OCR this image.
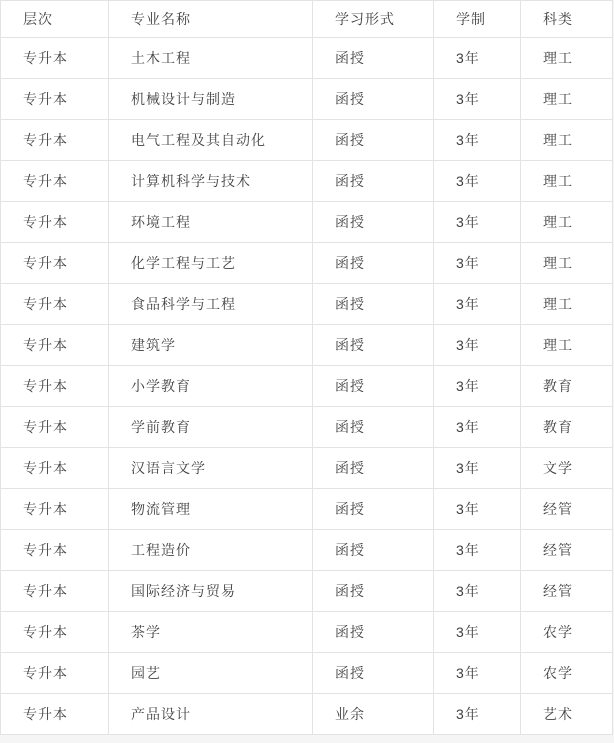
层次	专业名称	学习形式	学制	科类
专升本	土木工程	函授	3年	理工
专升本	机械设计与制造	函授	3年	理工
专升本	电气工程及其自动化	函授	3年	理工
专升本	计算机科学与技术	函授	3年	理工
专升本	环境工程	函授	3年	理工
专升本	化学工程与工艺	函授	3年	理工
专升本	食品科学与工程	函授	3年	理工
专升本	建筑学	函授	3年	理工
专升本	小学教育	函授	3年	教育
专升本	学前教育	函授	3年	教育
专升本	汉语言文学	函授	3年	文学
专升本	物流管理	函授	3年	经管
专升本	工程造价	函授	3年	经管
专升本	国际经济与贸易	函授	3年	经管
专升本	茶学	函授	3年	农学
专升本	园艺	函授	3年	农学
专升本	产品设计	业余	3年	艺术
